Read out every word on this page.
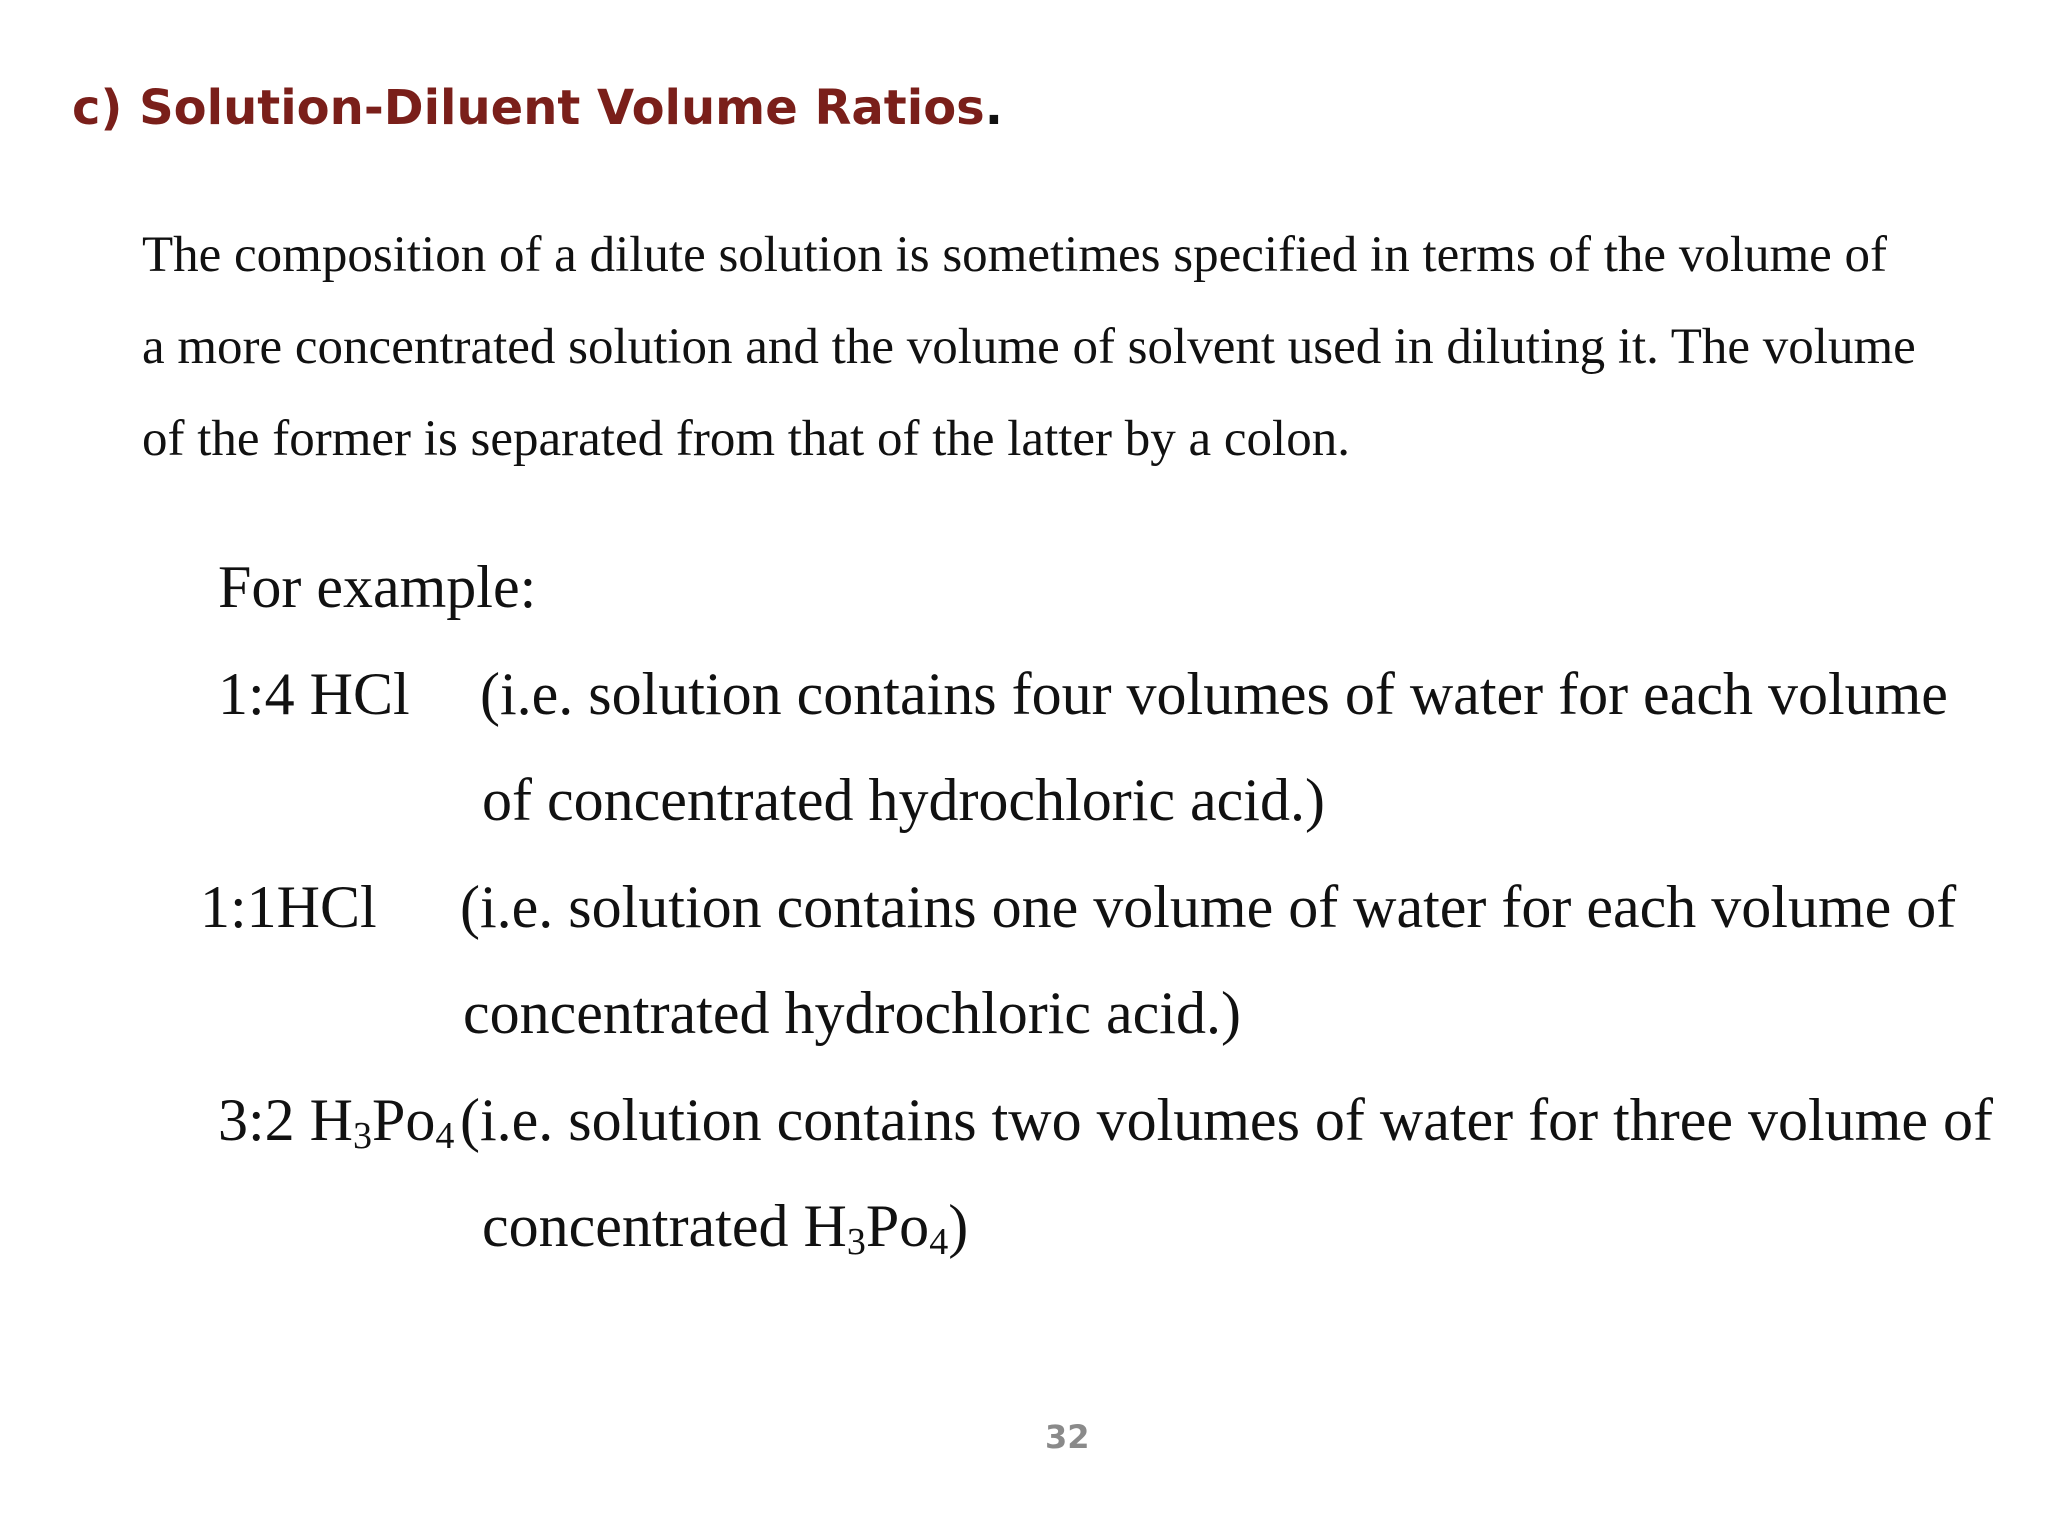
c) Solution-Diluent Volume Ratios.
The composition of a dilute solution is sometimes specified in terms of the volume of
a more concentrated solution and the volume of solvent used in diluting it. The volume
of the former is separated from that of the latter by a colon.
For example:
1:4 HCl (i.e. solution contains four volumes of water for each volume
of concentrated hydrochloric acid.)
1:1HCl (i.e. solution contains one volume of water for each volume of
concentrated hydrochloric acid.)
3:2 $H_3Po_4$ (i.e. solution contains two volumes of water for three volume of
concentrated $H_3Po_4$)
32
